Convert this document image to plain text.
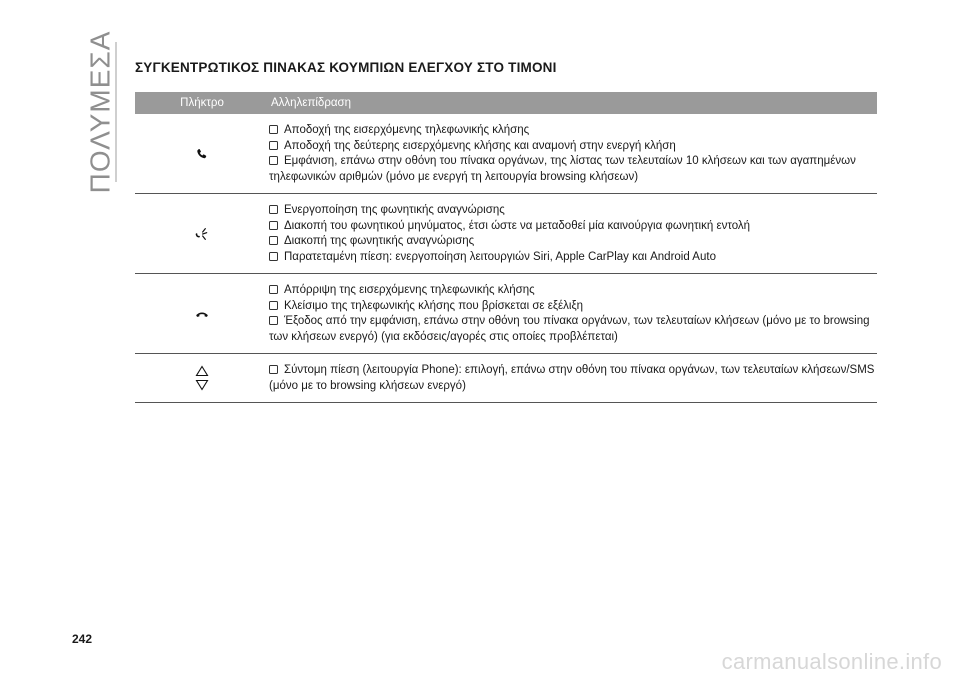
ΠΟΛΥΜΕΣΑ ΣΥΓΚΕΝΤΡΩΤΙΚΟΣ ΠΙΝΑΚΑΣ ΚΟΥΜΠΙΩΝ ΕΛΕΓΧΟΥ ΣΤΟ ΤΙΜΟΝΙ
Πλήκτρο	Αλληλεπίδραση
Αποδοχή της εισερχόμενης τηλεφωνικής κλήσης
Αποδοχή της δεύτερης εισερχόμενης κλήσης και αναμονή στην ενεργή κλήση
Εμφάνιση, επάνω στην οθόνη του πίνακα οργάνων, της λίστας των τελευταίων 10 κλήσεων και των αγαπημένων τηλεφωνικών αριθμών (μόνο με ενεργή τη λειτουργία browsing κλήσεων)
Ενεργοποίηση της φωνητικής αναγνώρισης
Διακοπή του φωνητικού μηνύματος, έτσι ώστε να μεταδοθεί μία καινούργια φωνητική εντολή
Διακοπή της φωνητικής αναγνώρισης
Παρατεταμένη πίεση: ενεργοποίηση λειτουργιών Siri, Apple CarPlay και Android Auto
Απόρριψη της εισερχόμενης τηλεφωνικής κλήσης
Κλείσιμο της τηλεφωνικής κλήσης που βρίσκεται σε εξέλιξη
Έξοδος από την εμφάνιση, επάνω στην οθόνη του πίνακα οργάνων, των τελευταίων κλήσεων (μόνο με το browsing των κλήσεων ενεργό) (για εκδόσεις/αγορές στις οποίες προβλέπεται)
Σύντομη πίεση (λειτουργία Phone): επιλογή, επάνω στην οθόνη του πίνακα οργάνων, των τελευταίων κλήσεων/SMS (μόνο με το browsing κλήσεων ενεργό)
242
carmanualsonline.info
